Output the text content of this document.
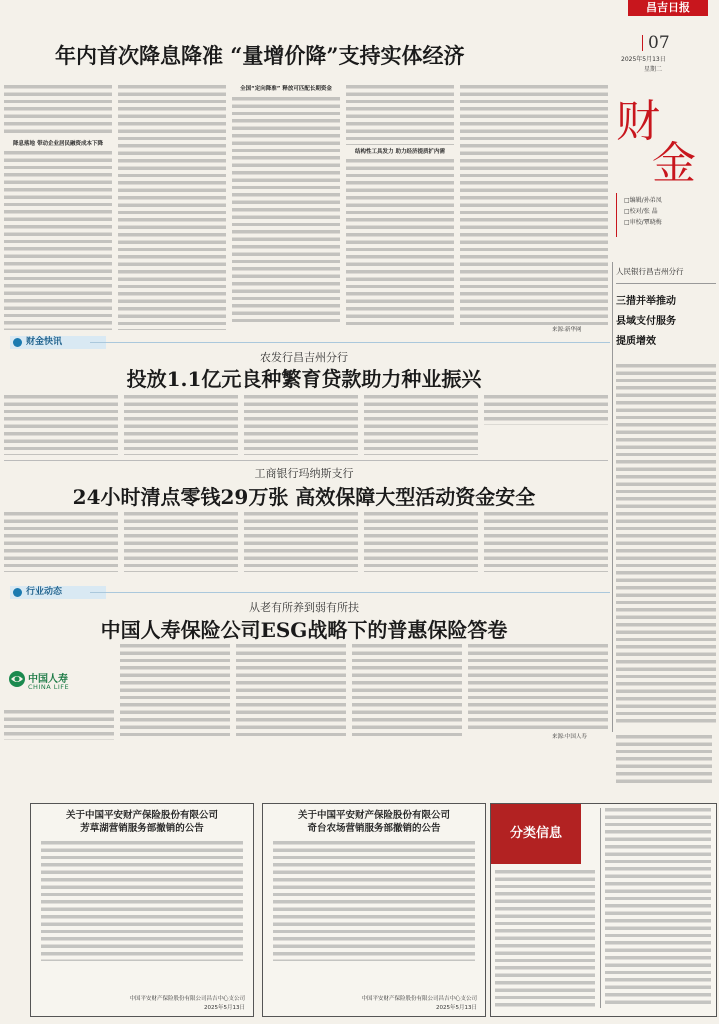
昌吉日报
07
2025年5月13日
星期二
年内首次降息降准 “量增价降”支持实体经济
财
金
□编辑/孙弟凤
□校对/张 晶
□审校/覃晓梅
降息落地 带动企业居民融资成本下降
全国“定向降准” 释放可匹配长期资金
结构性工具发力 助力经济提质扩内需
来源:新华网
人民银行昌吉州分行
三措并举推动
县域支付服务
提质增效
财金快讯
农发行昌吉州分行
投放1.1亿元良种繁育贷款助力种业振兴
工商银行玛纳斯支行
24小时清点零钱29万张 高效保障大型活动资金安全
行业动态
从老有所养到弱有所扶
中国人寿保险公司ESG战略下的普惠保险答卷
中国人寿
CHINA LIFE
来源:中国人寿
关于中国平安财产保险股份有限公司
芳草湖营销服务部撤销的公告
中国平安财产保险股份有限公司昌吉中心支公司
2025年5月13日
关于中国平安财产保险股份有限公司
奇台农场营销服务部撤销的公告
中国平安财产保险股份有限公司昌吉中心支公司
2025年5月13日
分类信息
